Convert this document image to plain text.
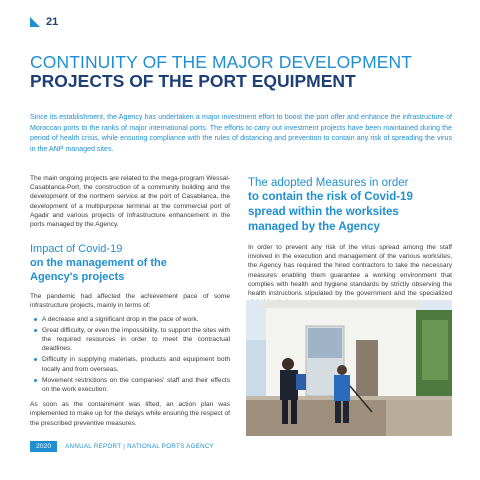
21
CONTINUITY OF THE MAJOR DEVELOPMENT
PROJECTS OF THE PORT EQUIPMENT

Since its establishment, the Agency has undertaken a major investment effort to boost the port offer and enhance the infrastructure of Moroccan ports to the ranks of major international ports. The efforts to carry out investment projects have been maintained during the period of health crisis, while ensuring compliance with the rules of distancing and prevention to contain any risk of spreading the virus in the ANP managed sites.

The main ongoing projects are related to the mega-program Wessal-Casablanca-Port, the construction of a community building and the development of the northern service at the port of Casablanca, the development of a multipurpose terminal at the commercial port of Agadir and various projects of infrastructure enhancement in the ports managed by the Agency.

Impact of Covid-19
on the management of the
Agency's projects

The pandemic had affected the achievement pace of some infrastructure projects, mainly in terms of:

A decrease and a significant drop in the pace of work.
Great difficulty, or even the impossibility, to support the sites with the required resources in order to meet the contractual deadlines.
Difficulty in supplying materials, products and equipment both locally and from overseas.
Movement restrictions on the companies' staff and their effects on the work execution.

As soon as the containment was lifted, an action plan was implemented to make up for the delays while ensuring the respect of the prescribed preventive measures.

The adopted Measures in order
to contain the risk of Covid-19
spread within the worksites
managed by the Agency

In order to prevent any risk of the virus spread among the staff involved in the execution and management of the various worksites, the Agency has required the hired contractors to take the necessary measures enabling them guarantee a working environment that complies with health and hygiene standards by strictly observing the health instructions stipulated by the government and the specialized

2020	ANNUAL REPORT | NATIONAL PORTS AGENCY
